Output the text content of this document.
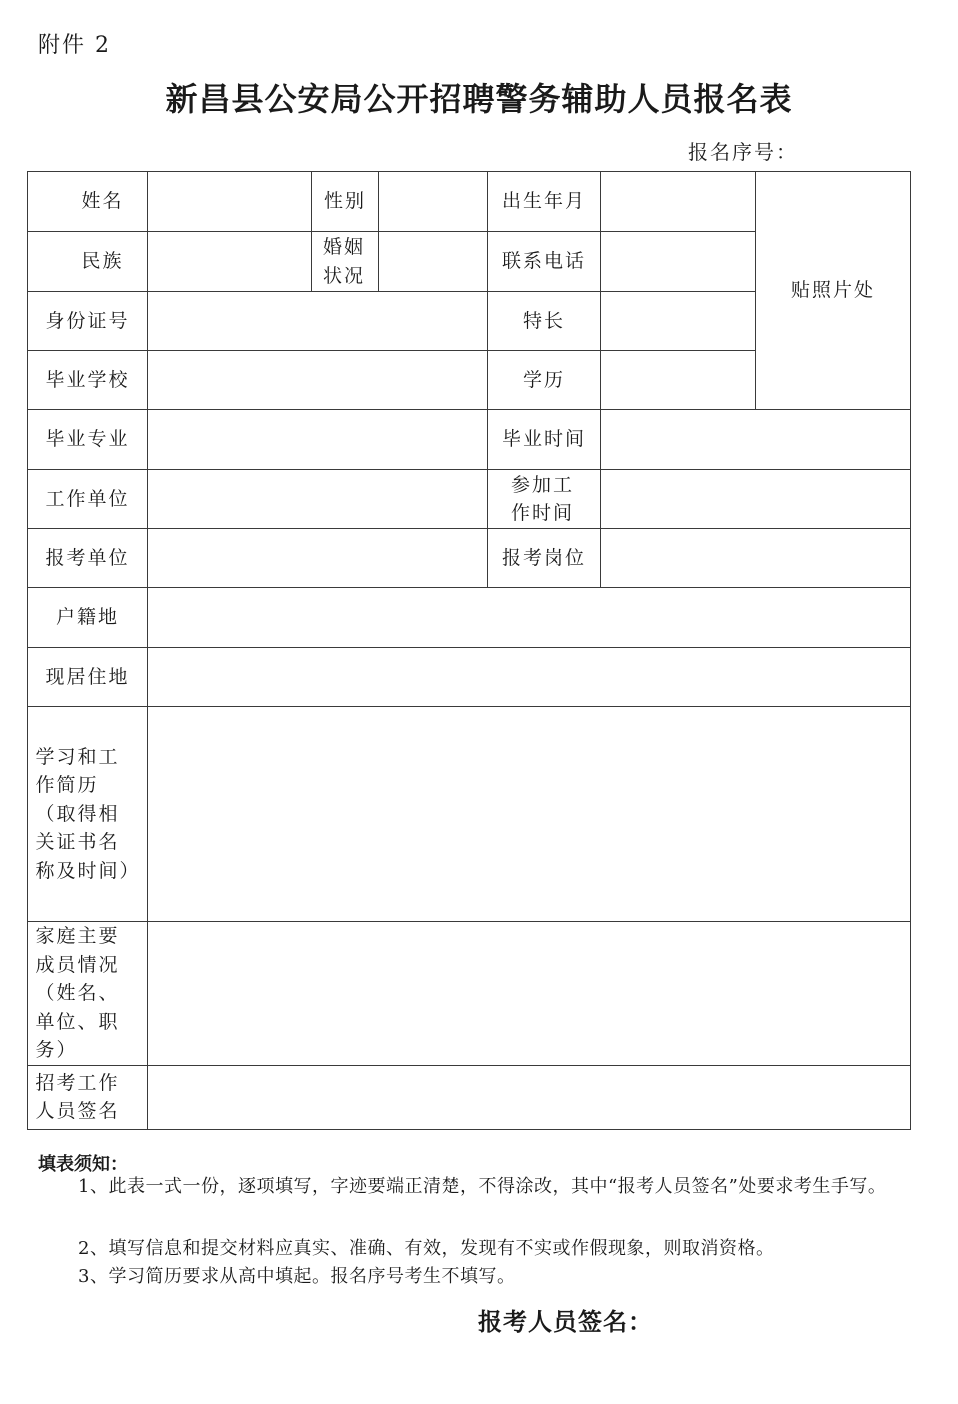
附件 2
新昌县公安局公开招聘警务辅助人员报名表
报名序号：
姓名		性别		出生年月		贴照片处
民族		婚姻状况		联系电话		
身份证号				特长		
毕业学校				学历		
毕业专业				毕业时间		
工作单位				参加工作时间		
报考单位				报考岗位		
户籍地						
现居住地						
学习和工作简历（取得相关证书名称及时间）						
家庭主要成员情况（姓名、单位、职务）						
招考工作人员签名						
填表须知：
1、此表一式一份，逐项填写，字迹要端正清楚，不得涂改，其中“报考人员签名”处要求考生手写。
2、填写信息和提交材料应真实、准确、有效，发现有不实或作假现象，则取消资格。
3、学习简历要求从高中填起。报名序号考生不填写。
报考人员签名：
